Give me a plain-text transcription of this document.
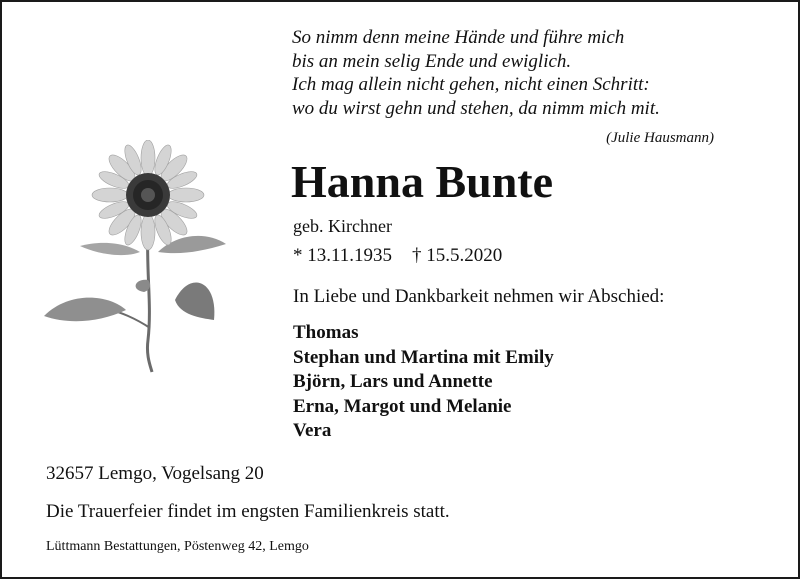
So nimm denn meine Hände und führe mich
bis an mein selig Ende und ewiglich.
Ich mag allein nicht gehen, nicht einen Schritt:
wo du wirst gehn und stehen, da nimm mich mit.
(Julie Hausmann)
Hanna Bunte
geb. Kirchner
* 13.11.1935 † 15.5.2020
In Liebe und Dankbarkeit nehmen wir Abschied:
Thomas
Stephan und Martina mit Emily
Björn, Lars und Annette
Erna, Margot und Melanie
Vera
32657 Lemgo, Vogelsang 20
Die Trauerfeier findet im engsten Familienkreis statt.
Lüttmann Bestattungen, Pöstenweg 42, Lemgo
